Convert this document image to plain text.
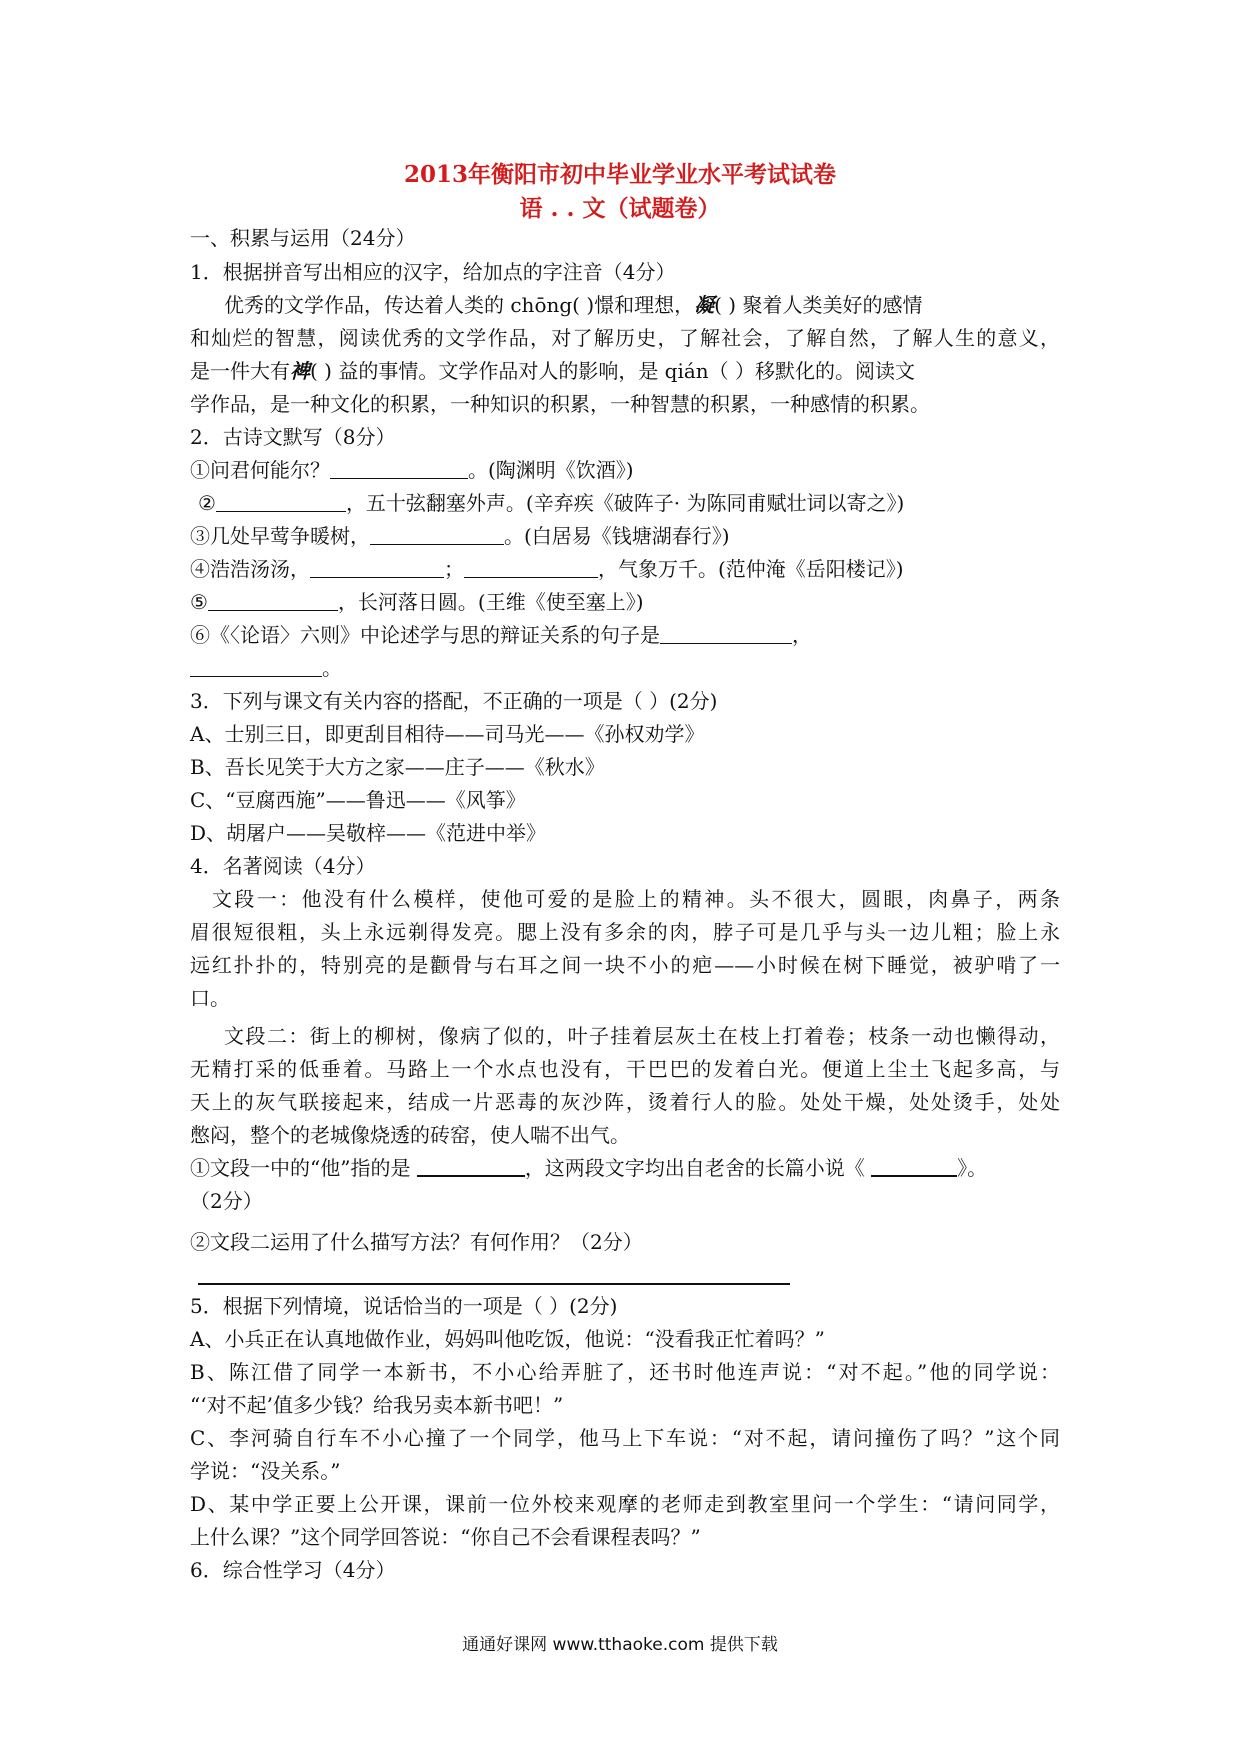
2013年衡阳市初中毕业学业水平考试试卷
语 . . 文（试题卷）
一、积累与运用（24分）
1．根据拼音写出相应的汉字，给加点的字注音（4分）
优秀的文学作品，传达着人类的 chōng( )憬和理想，凝( ) 聚着人类美好的感情
和灿烂的智慧，阅读优秀的文学作品，对了解历史，了解社会，了解自然，了解人生的意义，
是一件大有裨( ) 益的事情。文学作品对人的影响，是 qián（ ）移默化的。阅读文
学作品，是一种文化的积累，一种知识的积累，一种智慧的积累，一种感情的积累。
2．古诗文默写（8分）
①问君何能尔？	。(陶渊明《饮酒》)
②	，五十弦翻塞外声。(辛弃疾《破阵子· 为陈同甫赋壮词以寄之》)
③几处早莺争暖树，	。(白居易《钱塘湖春行》)
④浩浩汤汤，	；	，气象万千。(范仲淹《岳阳楼记》)
⑤	，长河落日圆。(王维《使至塞上》)
⑥《〈论语〉六则》中论述学与思的辩证关系的句子是	，
。
3．下列与课文有关内容的搭配，不正确的一项是（ ）(2分)
A、士别三日，即更刮目相待——司马光——《孙权劝学》
B、吾长见笑于大方之家——庄子——《秋水》
C、“豆腐西施”——鲁迅——《风筝》
D、胡屠户——吴敬梓——《范进中举》
4．名著阅读（4分）
文段一：他没有什么模样，使他可爱的是脸上的精神。头不很大，圆眼，肉鼻子，两条
眉很短很粗，头上永远剃得发亮。腮上没有多余的肉，脖子可是几乎与头一边儿粗；脸上永
远红扑扑的，特别亮的是颧骨与右耳之间一块不小的疤——小时候在树下睡觉，被驴啃了一
口。
文段二：街上的柳树，像病了似的，叶子挂着层灰土在枝上打着卷；枝条一动也懒得动，
无精打采的低垂着。马路上一个水点也没有，干巴巴的发着白光。便道上尘土飞起多高，与
天上的灰气联接起来，结成一片恶毒的灰沙阵，烫着行人的脸。处处干燥，处处烫手，处处
憋闷，整个的老城像烧透的砖窑，使人喘不出气。
①文段一中的“他”指的是	，这两段文字均出自老舍的长篇小说《	》。
（2分）
②文段二运用了什么描写方法？有何作用？（2分）
5．根据下列情境，说话恰当的一项是（ ）(2分)
A、小兵正在认真地做作业，妈妈叫他吃饭，他说：“没看我正忙着吗？”
B、陈江借了同学一本新书，不小心给弄脏了，还书时他连声说：“对不起。”他的同学说：
“‘对不起’值多少钱？给我另卖本新书吧！”
C、李河骑自行车不小心撞了一个同学，他马上下车说：“对不起，请问撞伤了吗？”这个同
学说：“没关系。”
D、某中学正要上公开课，课前一位外校来观摩的老师走到教室里问一个学生：“请问同学，
上什么课？”这个同学回答说：“你自己不会看课程表吗？”
6．综合性学习（4分）
通通好课网 www.tthaoke.com 提供下载
